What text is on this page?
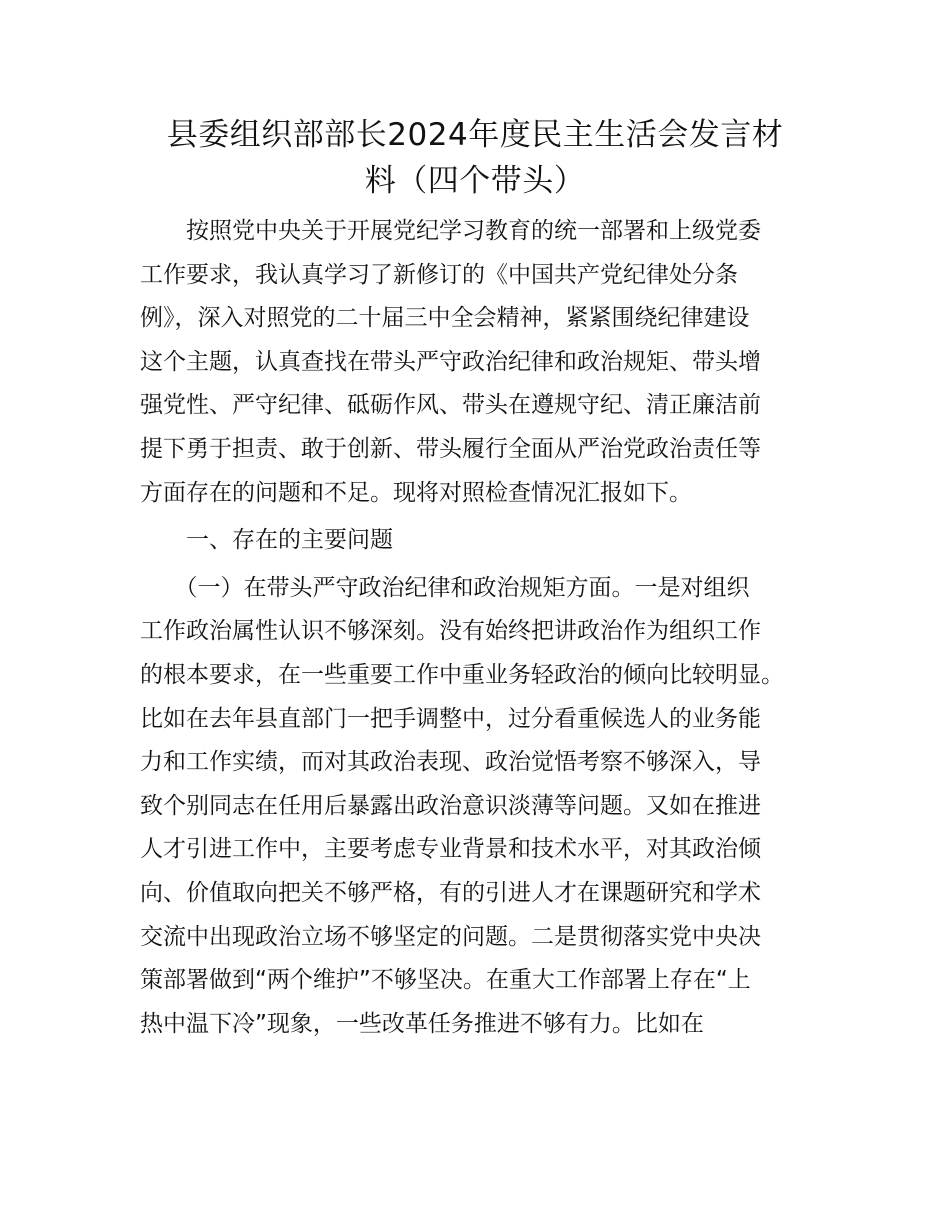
县委组织部部长2024年度民主生活会发言材
料（四个带头）

　　按照党中央关于开展党纪学习教育的统一部署和上级党委
工作要求，我认真学习了新修订的《中国共产党纪律处分条
例》，深入对照党的二十届三中全会精神，紧紧围绕纪律建设
这个主题，认真查找在带头严守政治纪律和政治规矩、带头增
强党性、严守纪律、砥砺作风、带头在遵规守纪、清正廉洁前
提下勇于担责、敢于创新、带头履行全面从严治党政治责任等
方面存在的问题和不足。现将对照检查情况汇报如下。

　　一、存在的主要问题

　　（一）在带头严守政治纪律和政治规矩方面。一是对组织
工作政治属性认识不够深刻。没有始终把讲政治作为组织工作
的根本要求，在一些重要工作中重业务轻政治的倾向比较明显。
比如在去年县直部门一把手调整中，过分看重候选人的业务能
力和工作实绩，而对其政治表现、政治觉悟考察不够深入，导
致个别同志在任用后暴露出政治意识淡薄等问题。又如在推进
人才引进工作中，主要考虑专业背景和技术水平，对其政治倾
向、价值取向把关不够严格，有的引进人才在课题研究和学术
交流中出现政治立场不够坚定的问题。二是贯彻落实党中央决
策部署做到“两个维护”不够坚决。在重大工作部署上存在“上
热中温下冷”现象，一些改革任务推进不够有力。比如在
